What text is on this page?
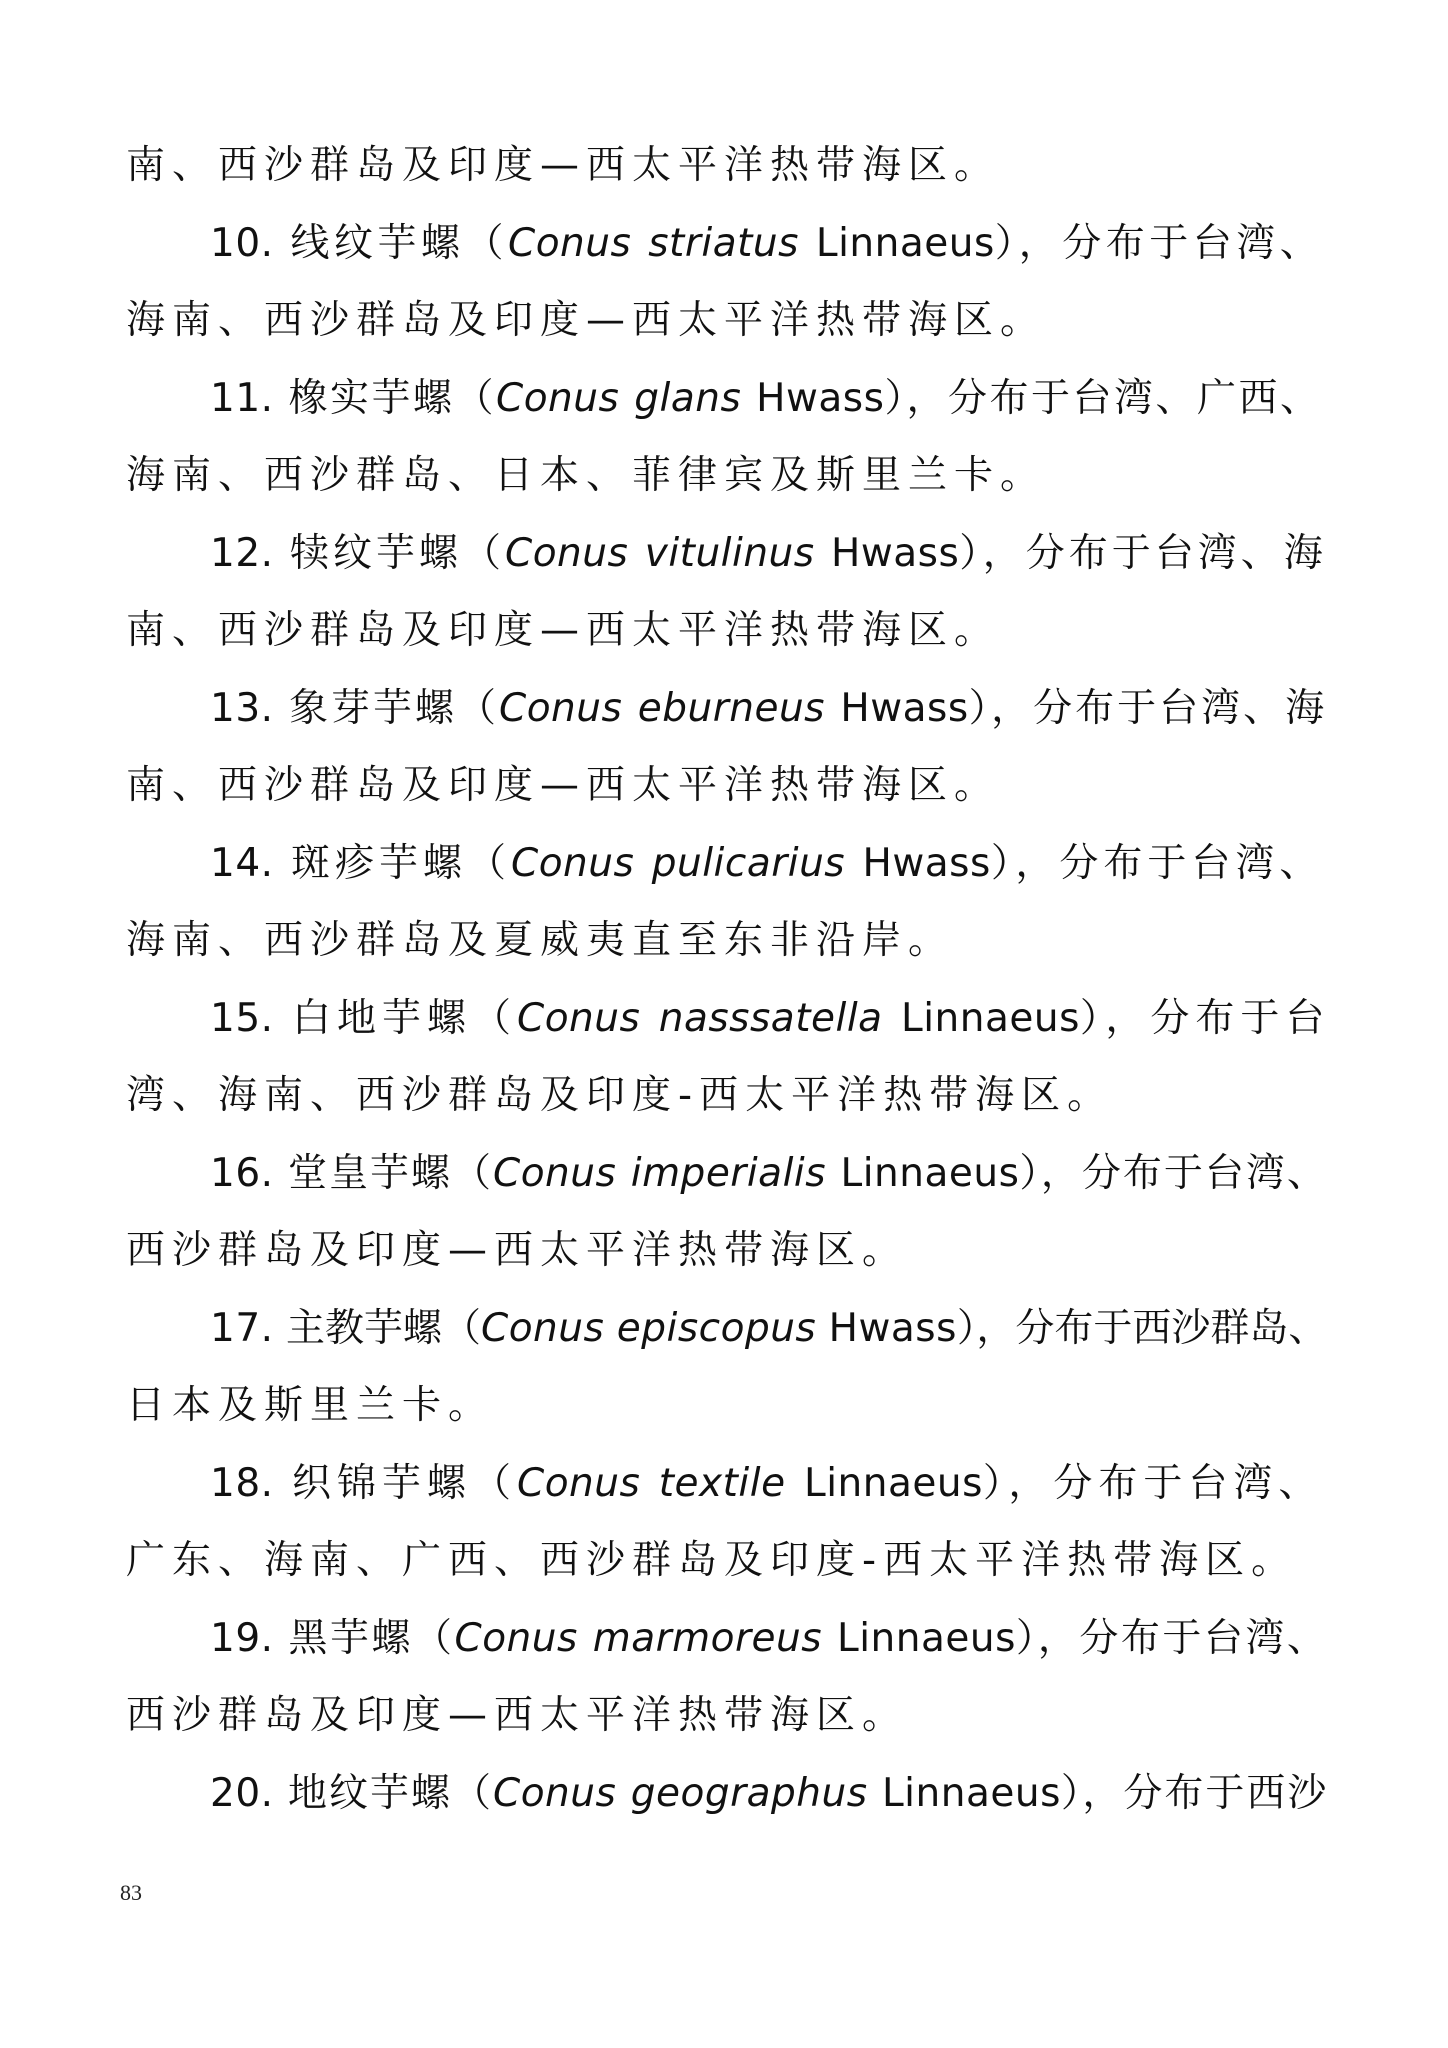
南、西沙群岛及印度—西太平洋热带海区。
10. 线纹芋螺（Conus striatus Linnaeus），分布于台湾、
海南、西沙群岛及印度—西太平洋热带海区。
11. 橡实芋螺（Conus glans Hwass），分布于台湾、广西、
海南、西沙群岛、日本、菲律宾及斯里兰卡。
12. 犊纹芋螺（Conus vitulinus Hwass），分布于台湾、海
南、西沙群岛及印度—西太平洋热带海区。
13. 象芽芋螺（Conus eburneus Hwass），分布于台湾、海
南、西沙群岛及印度—西太平洋热带海区。
14. 斑疹芋螺（Conus pulicarius Hwass），分布于台湾、
海南、西沙群岛及夏威夷直至东非沿岸。
15. 白地芋螺（Conus nasssatella Linnaeus），分布于台
湾、海南、西沙群岛及印度-西太平洋热带海区。
16. 堂皇芋螺（Conus imperialis Linnaeus），分布于台湾、
西沙群岛及印度—西太平洋热带海区。
17. 主教芋螺（Conus episcopus Hwass），分布于西沙群岛、
日本及斯里兰卡。
18. 织锦芋螺（Conus textile Linnaeus），分布于台湾、
广东、海南、广西、西沙群岛及印度-西太平洋热带海区。
19. 黑芋螺（Conus marmoreus Linnaeus），分布于台湾、
西沙群岛及印度—西太平洋热带海区。
20. 地纹芋螺（Conus geographus Linnaeus），分布于西沙
83
